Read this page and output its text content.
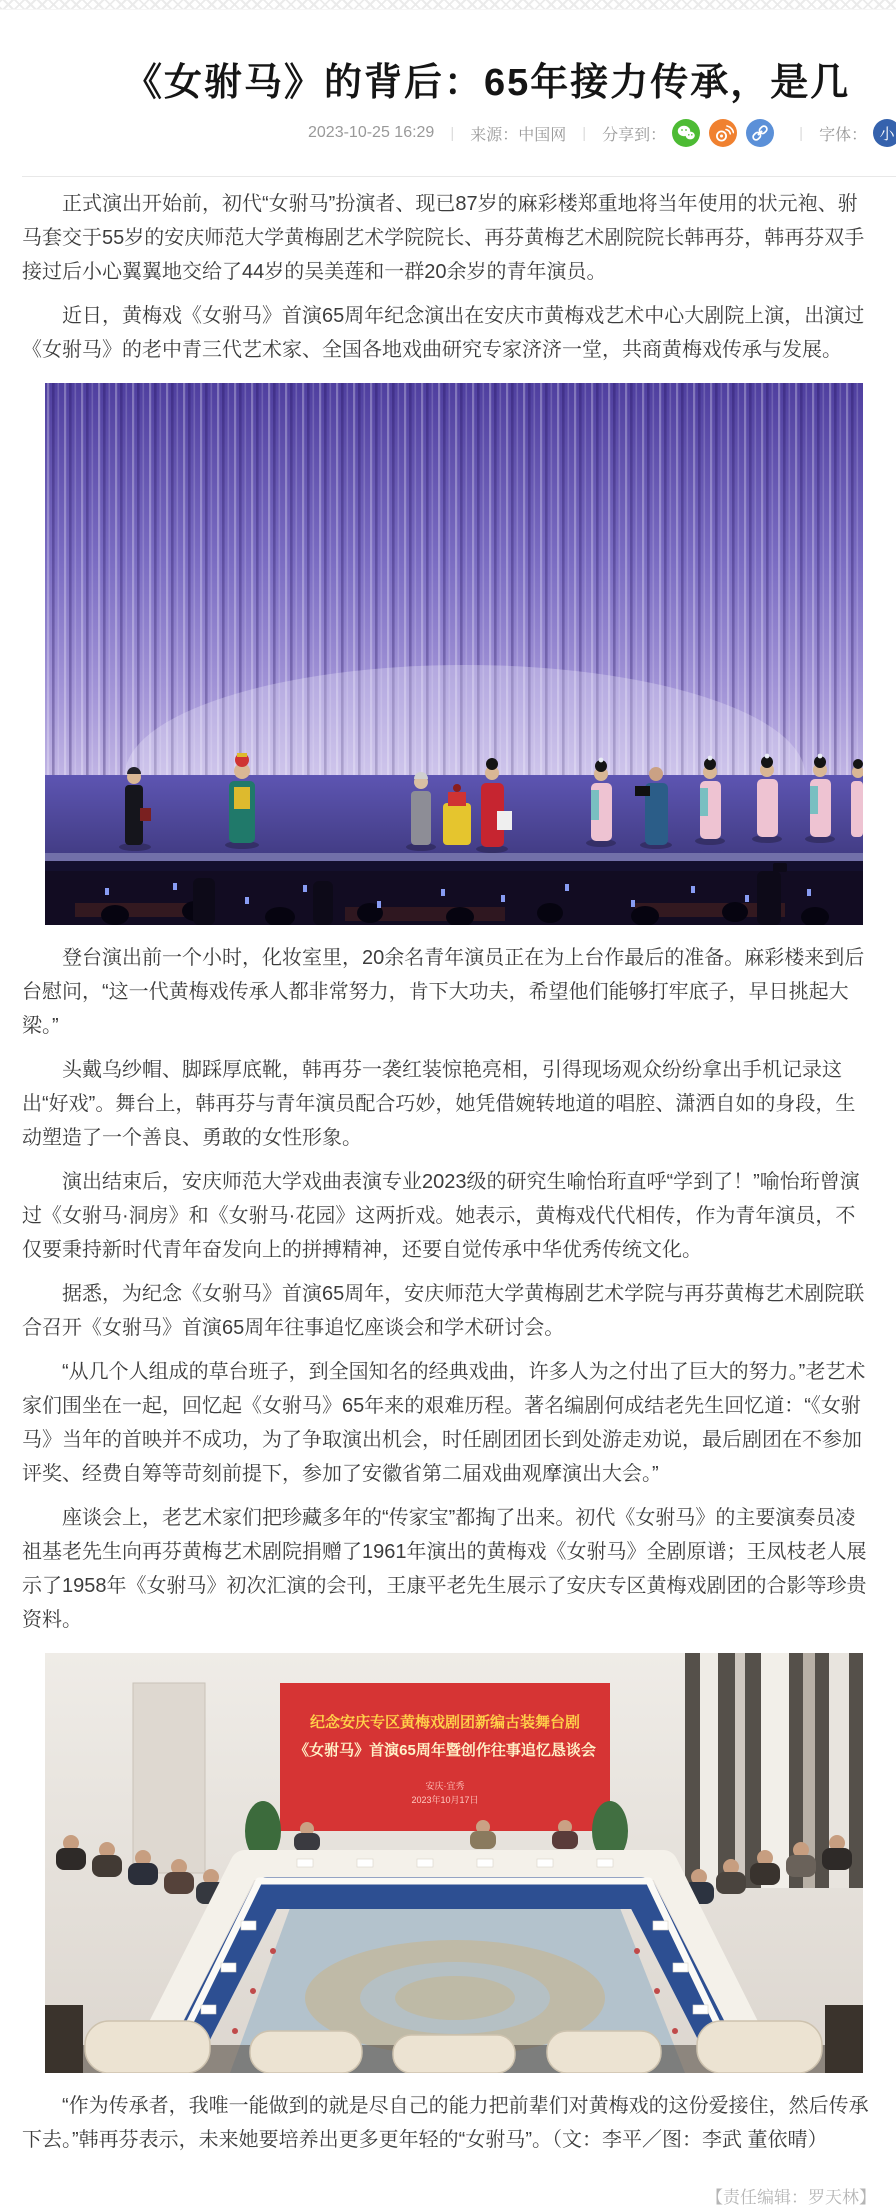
《女驸马》的背后：65年接力传承，是几
2023-10-25 16:29 | 来源：中国网 | 分享到：	| 字体： 小

正式演出开始前，初代“女驸马”扮演者、现已87岁的麻彩楼郑重地将当年使用的状元袍、驸马套交于55岁的安庆师范大学黄梅剧艺术学院院长、再芬黄梅艺术剧院院长韩再芬，韩再芬双手接过后小心翼翼地交给了44岁的吴美莲和一群20余岁的青年演员。

近日，黄梅戏《女驸马》首演65周年纪念演出在安庆市黄梅戏艺术中心大剧院上演，出演过《女驸马》的老中青三代艺术家、全国各地戏曲研究专家济济一堂，共商黄梅戏传承与发展。

登台演出前一个小时，化妆室里，20余名青年演员正在为上台作最后的准备。麻彩楼来到后台慰问，“这一代黄梅戏传承人都非常努力，肯下大功夫，希望他们能够打牢底子，早日挑起大梁。”

头戴乌纱帽、脚踩厚底靴，韩再芬一袭红装惊艳亮相，引得现场观众纷纷拿出手机记录这出“好戏”。舞台上，韩再芬与青年演员配合巧妙，她凭借婉转地道的唱腔、潇洒自如的身段，生动塑造了一个善良、勇敢的女性形象。

演出结束后，安庆师范大学戏曲表演专业2023级的研究生喻怡珩直呼“学到了！”喻怡珩曾演过《女驸马·洞房》和《女驸马·花园》这两折戏。她表示，黄梅戏代代相传，作为青年演员，不仅要秉持新时代青年奋发向上的拼搏精神，还要自觉传承中华优秀传统文化。

据悉，为纪念《女驸马》首演65周年，安庆师范大学黄梅剧艺术学院与再芬黄梅艺术剧院联合召开《女驸马》首演65周年往事追忆座谈会和学术研讨会。

“从几个人组成的草台班子，到全国知名的经典戏曲，许多人为之付出了巨大的努力。”老艺术家们围坐在一起，回忆起《女驸马》65年来的艰难历程。著名编剧何成结老先生回忆道：“《女驸马》当年的首映并不成功，为了争取演出机会，时任剧团团长到处游走劝说，最后剧团在不参加评奖、经费自筹等苛刻前提下，参加了安徽省第二届戏曲观摩演出大会。”

座谈会上，老艺术家们把珍藏多年的“传家宝”都掏了出来。初代《女驸马》的主要演奏员凌祖基老先生向再芬黄梅艺术剧院捐赠了1961年演出的黄梅戏《女驸马》全剧原谱；王凤枝老人展示了1958年《女驸马》初次汇演的会刊，王康平老先生展示了安庆专区黄梅戏剧团的合影等珍贵资料。

纪念安庆专区黄梅戏剧团新编古装舞台剧
《女驸马》首演65周年暨创作往事追忆恳谈会
安庆·宜秀
2023年10月17日

“作为传承者，我唯一能做到的就是尽自己的能力把前辈们对黄梅戏的这份爱接住，然后传承下去。”韩再芬表示，未来她要培养出更多更年轻的“女驸马”。（文：李平／图：李武 董依晴）

【责任编辑：罗天林】
